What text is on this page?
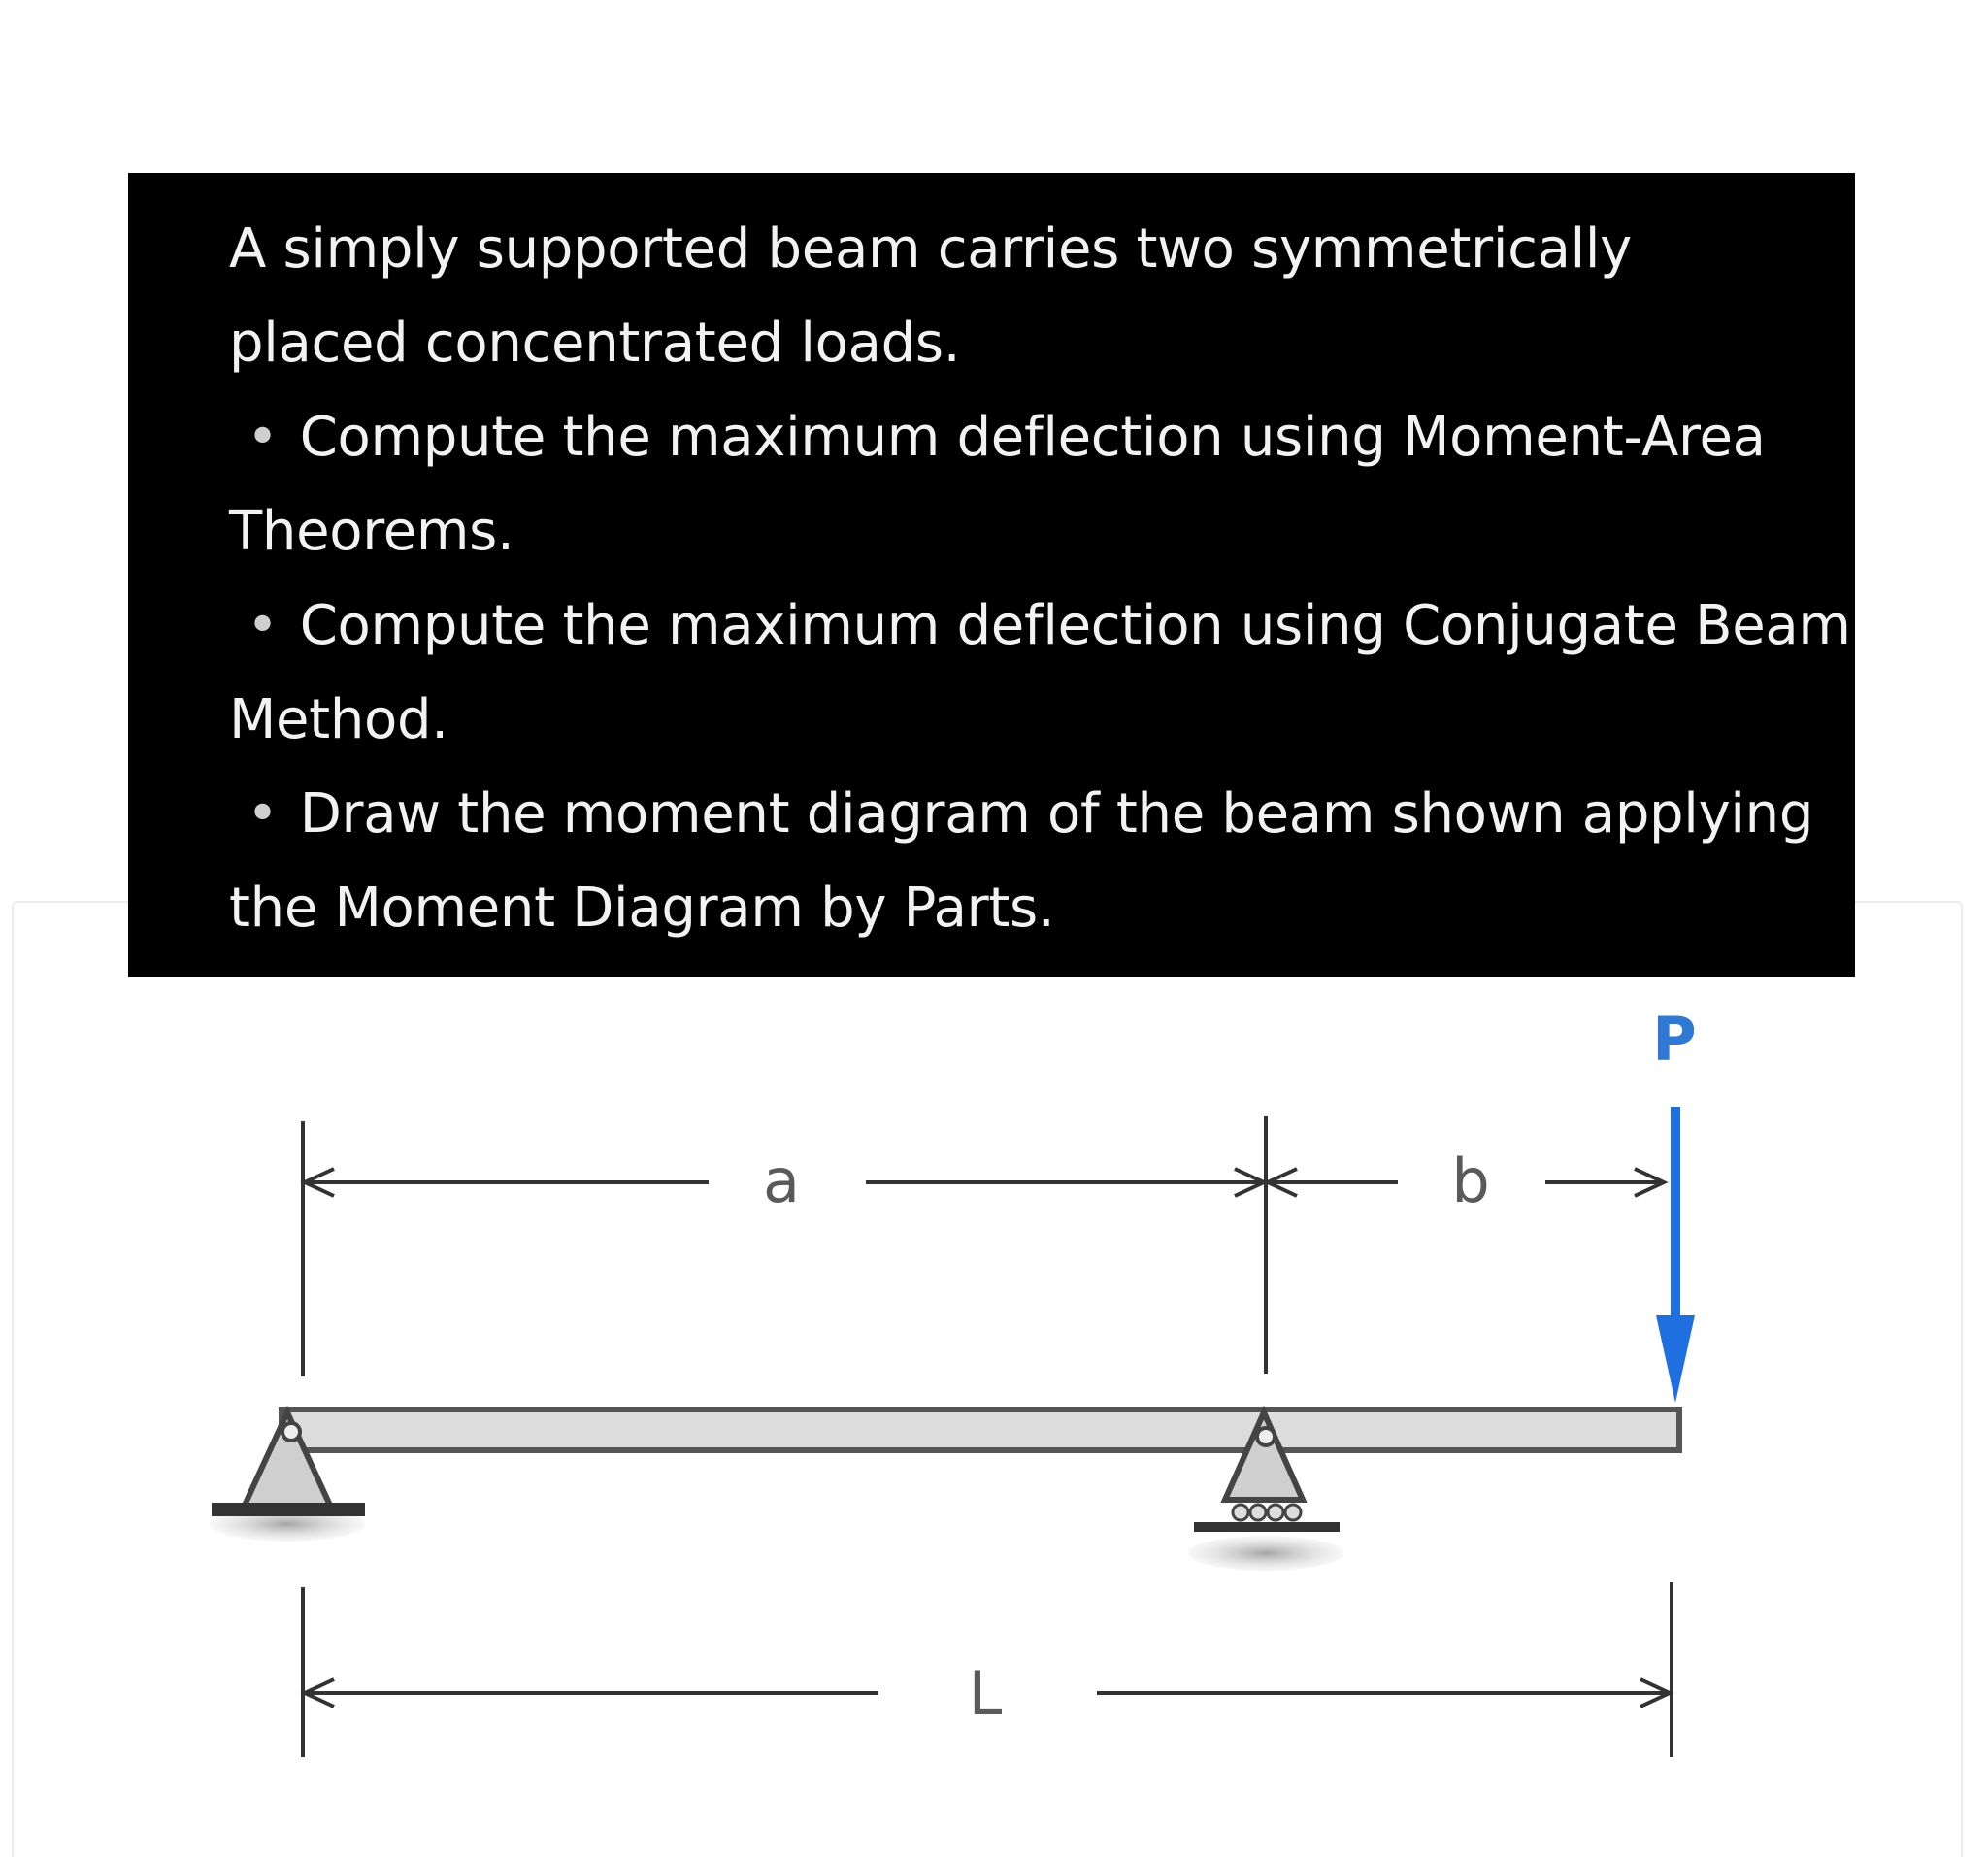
A simply supported beam carries two symmetrically
placed concentrated loads.
• Compute the maximum deflection using Moment-Area
Theorems.
• Compute the maximum deflection using Conjugate Beam
Method.
• Draw the moment diagram of the beam shown applying
the Moment Diagram by Parts.
a	b
P
L
